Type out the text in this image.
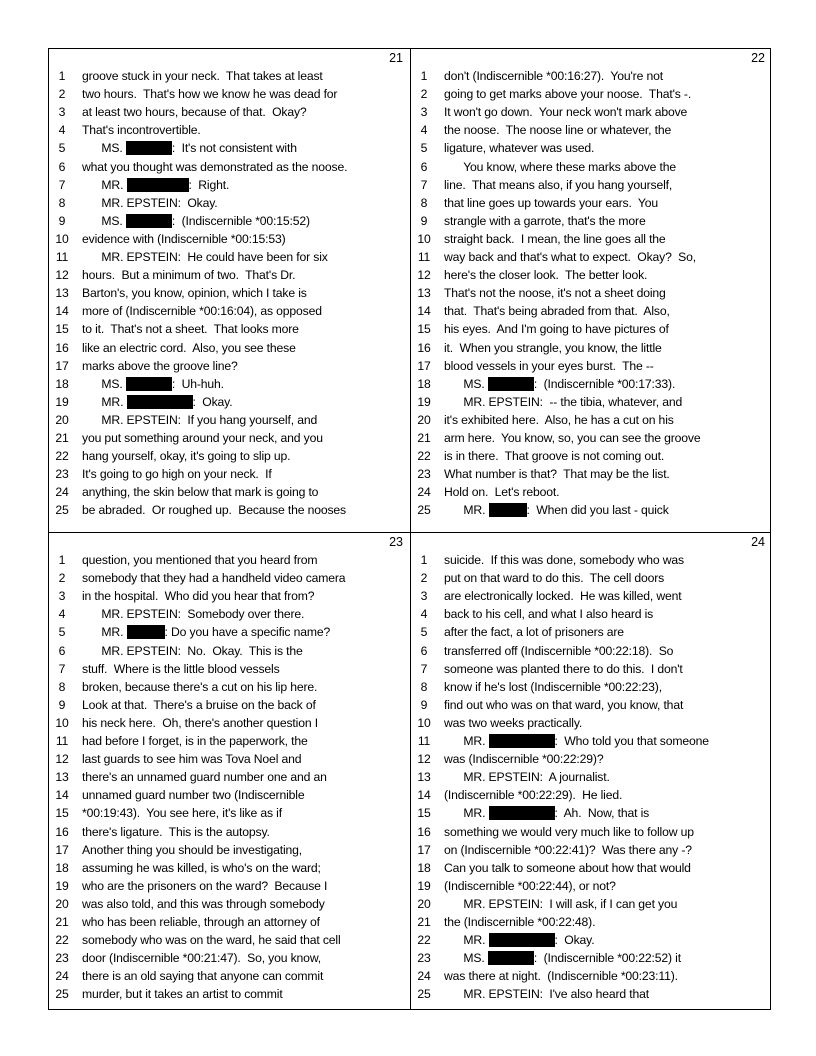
21
1	groove stuck in your neck.  That takes at least
2	two hours.  That's how we know he was dead for
3	at least two hours, because of that.  Okay?
4	That's incontrovertible.
5	MS.	:  It's not consistent with
6	what you thought was demonstrated as the noose.
7	MR.	:  Right.
8	MR. EPSTEIN:  Okay.
9	MS.	:  (Indiscernible *00:15:52)
10	evidence with (Indiscernible *00:15:53)
11	MR. EPSTEIN:  He could have been for six
12	hours.  But a minimum of two.  That's Dr.
13	Barton's, you know, opinion, which I take is
14	more of (Indiscernible *00:16:04), as opposed
15	to it.  That's not a sheet.  That looks more
16	like an electric cord.  Also, you see these
17	marks above the groove line?
18	MS.	:  Uh-huh.
19	MR.	:  Okay.
20	MR. EPSTEIN:  If you hang yourself, and
21	you put something around your neck, and you
22	hang yourself, okay, it's going to slip up.
23	It's going to go high on your neck.  If
24	anything, the skin below that mark is going to
25	be abraded.  Or roughed up.  Because the nooses
22
1	don't (Indiscernible *00:16:27).  You're not
2	going to get marks above your noose.  That's -.
3	It won't go down.  Your neck won't mark above
4	the noose.  The noose line or whatever, the
5	ligature, whatever was used.
6	You know, where these marks above the
7	line.  That means also, if you hang yourself,
8	that line goes up towards your ears.  You
9	strangle with a garrote, that's the more
10	straight back.  I mean, the line goes all the
11	way back and that's what to expect.  Okay?  So,
12	here's the closer look.  The better look.
13	That's not the noose, it's not a sheet doing
14	that.  That's being abraded from that.  Also,
15	his eyes.  And I'm going to have pictures of
16	it.  When you strangle, you know, the little
17	blood vessels in your eyes burst.  The --
18	MS.	:  (Indiscernible *00:17:33).
19	MR. EPSTEIN:  -- the tibia, whatever, and
20	it's exhibited here.  Also, he has a cut on his
21	arm here.  You know, so, you can see the groove
22	is in there.  That groove is not coming out.
23	What number is that?  That may be the list.
24	Hold on.  Let's reboot.
25	MR.	:  When did you last - quick
23
1	question, you mentioned that you heard from
2	somebody that they had a handheld video camera
3	in the hospital.  Who did you hear that from?
4	MR. EPSTEIN:  Somebody over there.
5	MR.	: Do you have a specific name?
6	MR. EPSTEIN:  No.  Okay.  This is the
7	stuff.  Where is the little blood vessels
8	broken, because there's a cut on his lip here.
9	Look at that.  There's a bruise on the back of
10	his neck here.  Oh, there's another question I
11	had before I forget, is in the paperwork, the
12	last guards to see him was Tova Noel and
13	there's an unnamed guard number one and an
14	unnamed guard number two (Indiscernible
15	*00:19:43).  You see here, it's like as if
16	there's ligature.  This is the autopsy.
17	Another thing you should be investigating,
18	assuming he was killed, is who's on the ward;
19	who are the prisoners on the ward?  Because I
20	was also told, and this was through somebody
21	who has been reliable, through an attorney of
22	somebody who was on the ward, he said that cell
23	door (Indiscernible *00:21:47).  So, you know,
24	there is an old saying that anyone can commit
25	murder, but it takes an artist to commit
24
1	suicide.  If this was done, somebody who was
2	put on that ward to do this.  The cell doors
3	are electronically locked.  He was killed, went
4	back to his cell, and what I also heard is
5	after the fact, a lot of prisoners are
6	transferred off (Indiscernible *00:22:18).  So
7	someone was planted there to do this.  I don't
8	know if he's lost (Indiscernible *00:22:23),
9	find out who was on that ward, you know, that
10	was two weeks practically.
11	MR.	:  Who told you that someone
12	was (Indiscernible *00:22:29)?
13	MR. EPSTEIN:  A journalist.
14	(Indiscernible *00:22:29).  He lied.
15	MR.	:  Ah.  Now, that is
16	something we would very much like to follow up
17	on (Indiscernible *00:22:41)?  Was there any -?
18	Can you talk to someone about how that would
19	(Indiscernible *00:22:44), or not?
20	MR. EPSTEIN:  I will ask, if I can get you
21	the (Indiscernible *00:22:48).
22	MR.	:  Okay.
23	MS.	:  (Indiscernible *00:22:52) it
24	was there at night.  (Indiscernible *00:23:11).
25	MR. EPSTEIN:  I've also heard that
